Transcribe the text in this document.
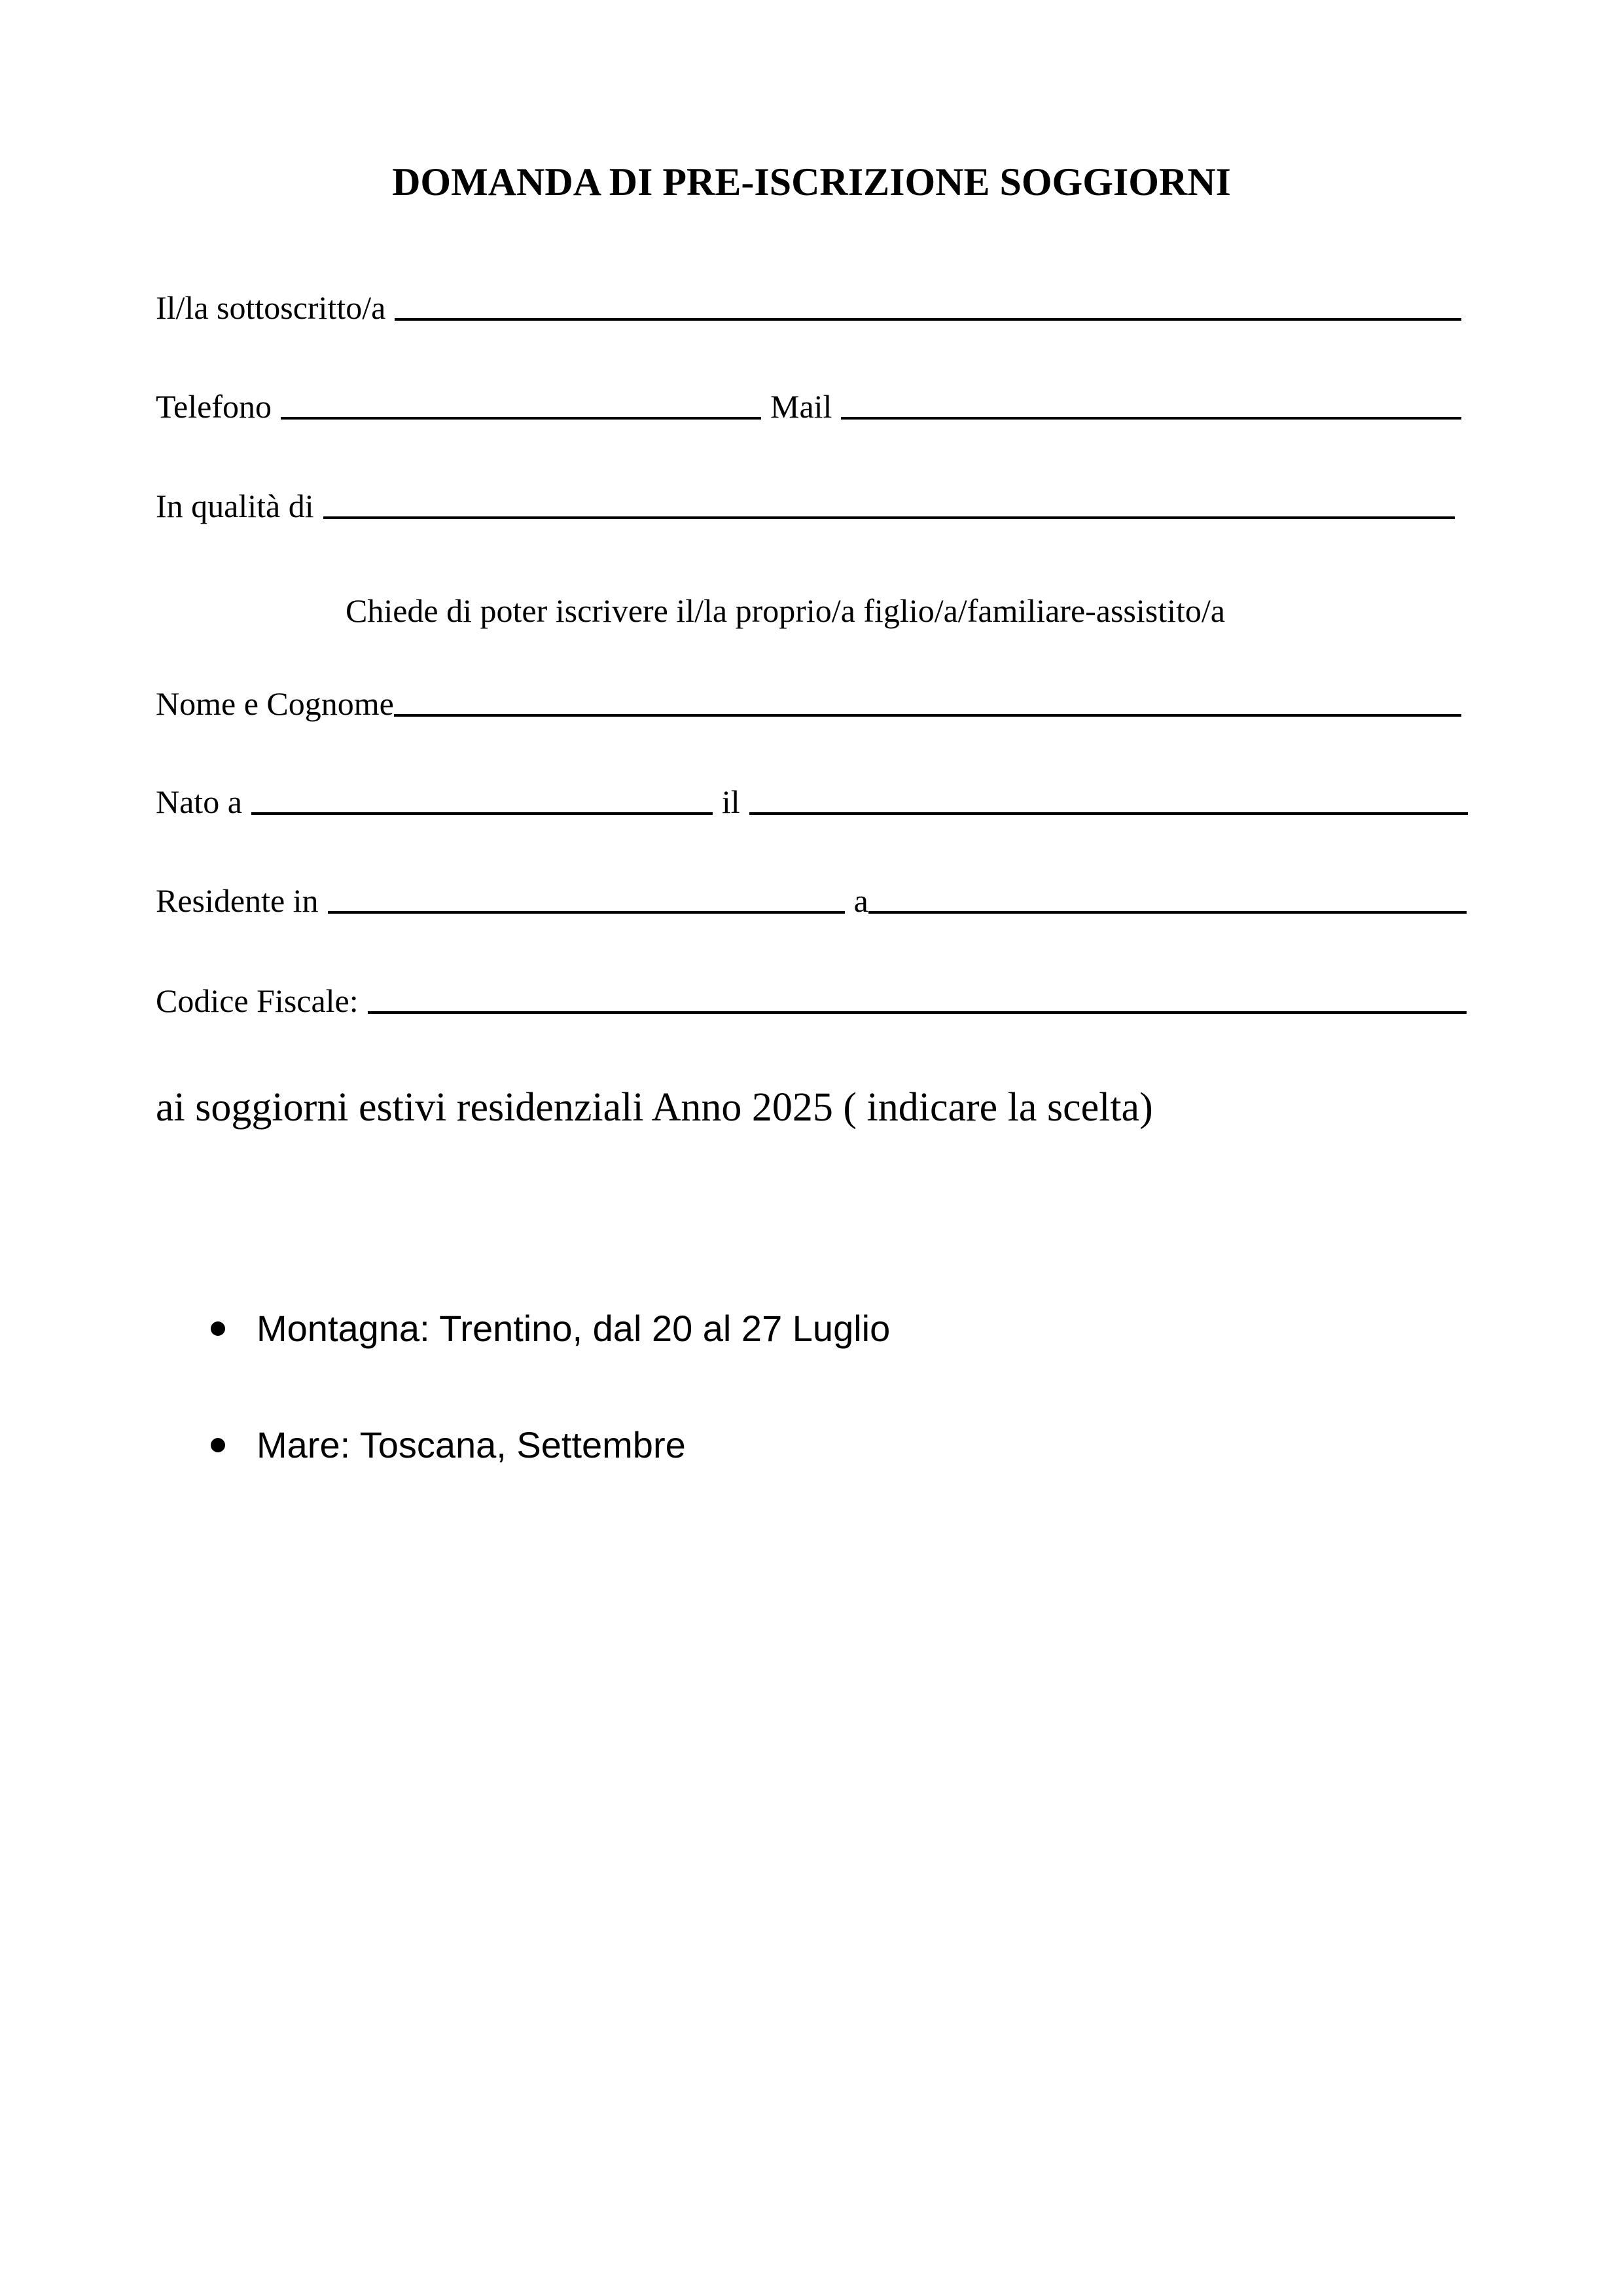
DOMANDA DI PRE-ISCRIZIONE SOGGIORNI
Il/la sottoscritto/a
Telefono	Mail
In qualità di
Chiede di poter iscrivere il/la proprio/a figlio/a/familiare-assistito/a
Nome e Cognome
Nato a	il
Residente in	a
Codice Fiscale:
ai soggiorni estivi residenziali Anno 2025 ( indicare la scelta)
Montagna: Trentino, dal 20 al 27 Luglio
Mare: Toscana, Settembre
